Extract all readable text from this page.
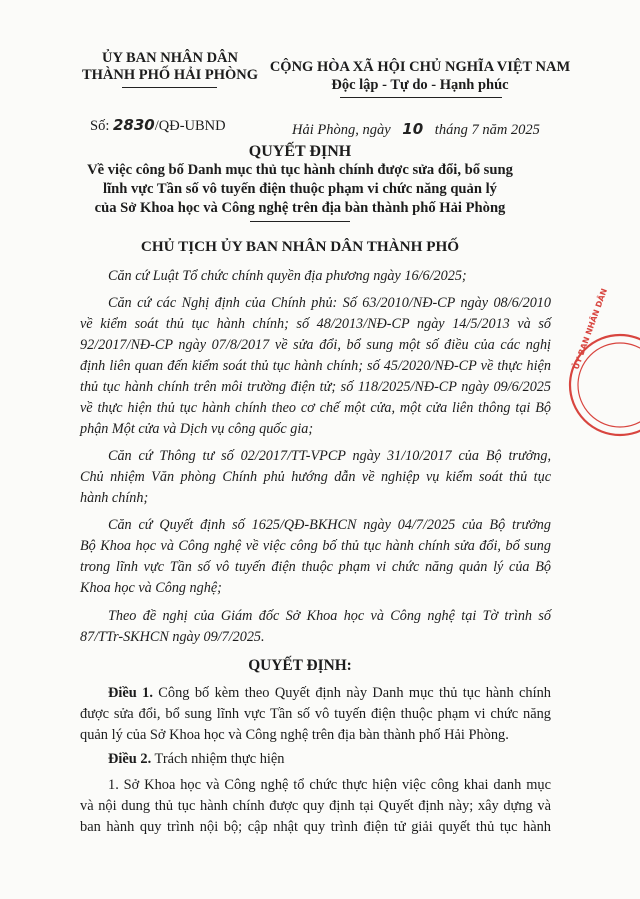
ỦY BAN NHÂN DÂN
THÀNH PHỐ HẢI PHÒNG
Số: 2830/QĐ-UBND
CỘNG HÒA XÃ HỘI CHỦ NGHĨA VIỆT NAM
Độc lập - Tự do - Hạnh phúc
Hải Phòng, ngày 10 tháng 7 năm 2025
QUYẾT ĐỊNH
Về việc công bố Danh mục thủ tục hành chính được sửa đổi, bổ sung
lĩnh vực Tần số vô tuyến điện thuộc phạm vi chức năng quản lý
của Sở Khoa học và Công nghệ trên địa bàn thành phố Hải Phòng
CHỦ TỊCH ỦY BAN NHÂN DÂN THÀNH PHỐ
Căn cứ Luật Tổ chức chính quyền địa phương ngày 16/6/2025;
Căn cứ các Nghị định của Chính phủ: Số 63/2010/NĐ-CP ngày 08/6/2010
về kiểm soát thủ tục hành chính; số 48/2013/NĐ-CP ngày 14/5/2013 và số
92/2017/NĐ-CP ngày 07/8/2017 về sửa đổi, bổ sung một số điều của các nghị
định liên quan đến kiểm soát thủ tục hành chính; số 45/2020/NĐ-CP về thực hiện
thủ tục hành chính trên môi trường điện tử; số 118/2025/NĐ-CP ngày 09/6/2025
về thực hiện thủ tục hành chính theo cơ chế một cửa, một cửa liên thông tại Bộ
phận Một cửa và Dịch vụ công quốc gia;
Căn cứ Thông tư số 02/2017/TT-VPCP ngày 31/10/2017 của Bộ trưởng,
Chủ nhiệm Văn phòng Chính phủ hướng dẫn về nghiệp vụ kiểm soát thủ tục
hành chính;
Căn cứ Quyết định số 1625/QĐ-BKHCN ngày 04/7/2025 của Bộ trưởng
Bộ Khoa học và Công nghệ về việc công bố thủ tục hành chính sửa đổi, bổ sung
trong lĩnh vực Tần số vô tuyến điện thuộc phạm vi chức năng quản lý của Bộ
Khoa học và Công nghệ;
Theo đề nghị của Giám đốc Sở Khoa học và Công nghệ tại Tờ trình số
87/TTr-SKHCN ngày 09/7/2025.
QUYẾT ĐỊNH:
Điều 1. Công bố kèm theo Quyết định này Danh mục thủ tục hành chính
được sửa đổi, bổ sung lĩnh vực Tần số vô tuyến điện thuộc phạm vi chức năng
quản lý của Sở Khoa học và Công nghệ trên địa bàn thành phố Hải Phòng.
Điều 2. Trách nhiệm thực hiện
1. Sở Khoa học và Công nghệ tổ chức thực hiện việc công khai danh mục
và nội dung thủ tục hành chính được quy định tại Quyết định này; xây dựng và
ban hành quy trình nội bộ; cập nhật quy trình điện tử giải quyết thủ tục hành
ỦY BAN NHÂN DÂN
